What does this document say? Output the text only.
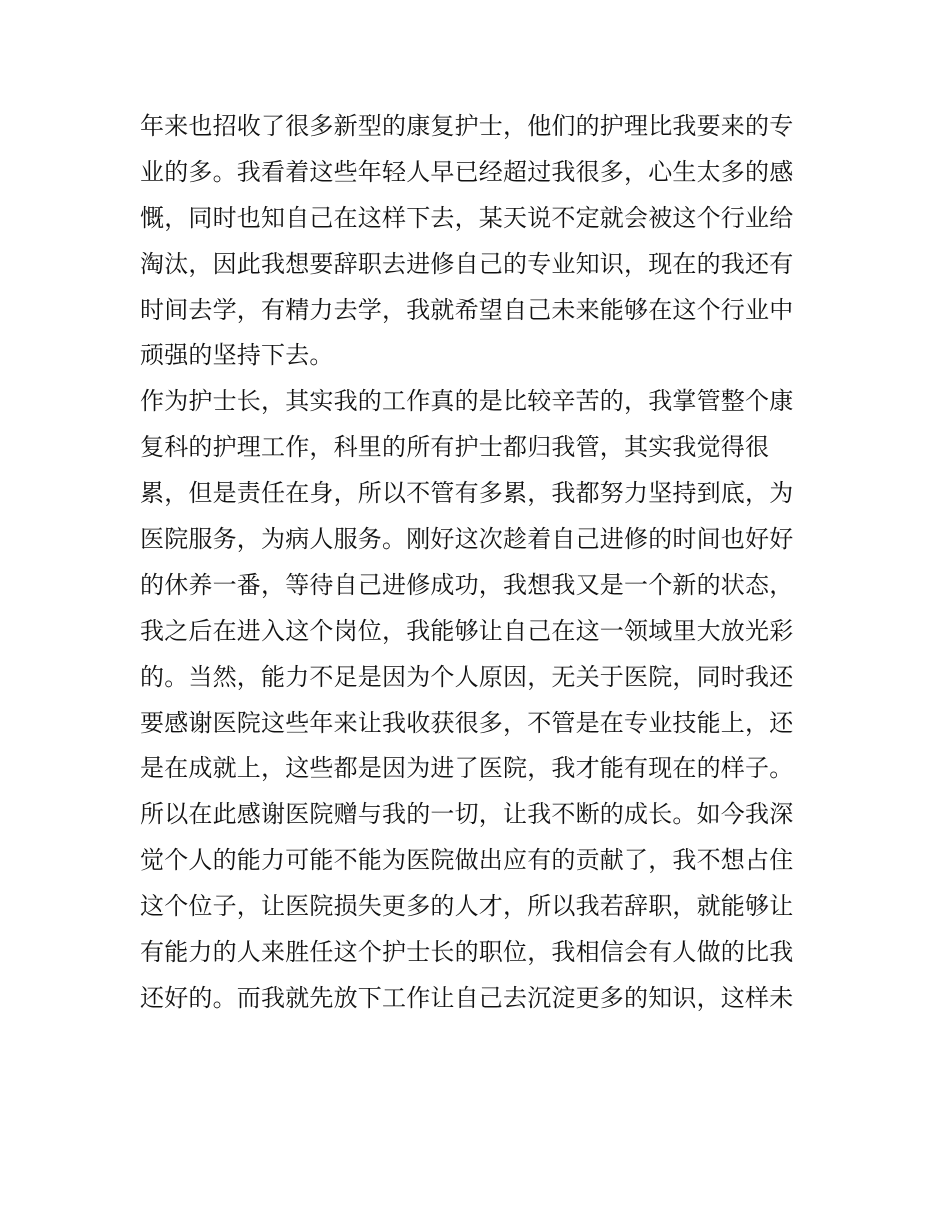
年来也招收了很多新型的康复护士，他们的护理比我要来的专
业的多。我看着这些年轻人早已经超过我很多，心生太多的感
慨，同时也知自己在这样下去，某天说不定就会被这个行业给
淘汰，因此我想要辞职去进修自己的专业知识，现在的我还有
时间去学，有精力去学，我就希望自己未来能够在这个行业中
顽强的坚持下去。
作为护士长，其实我的工作真的是比较辛苦的，我掌管整个康
复科的护理工作，科里的所有护士都归我管，其实我觉得很
累，但是责任在身，所以不管有多累，我都努力坚持到底，为
医院服务，为病人服务。刚好这次趁着自己进修的时间也好好
的休养一番，等待自己进修成功，我想我又是一个新的状态，
我之后在进入这个岗位，我能够让自己在这一领域里大放光彩
的。当然，能力不足是因为个人原因，无关于医院，同时我还
要感谢医院这些年来让我收获很多，不管是在专业技能上，还
是在成就上，这些都是因为进了医院，我才能有现在的样子。
所以在此感谢医院赠与我的一切，让我不断的成长。如今我深
觉个人的能力可能不能为医院做出应有的贡献了，我不想占住
这个位子，让医院损失更多的人才，所以我若辞职，就能够让
有能力的人来胜任这个护士长的职位，我相信会有人做的比我
还好的。而我就先放下工作让自己去沉淀更多的知识，这样未
